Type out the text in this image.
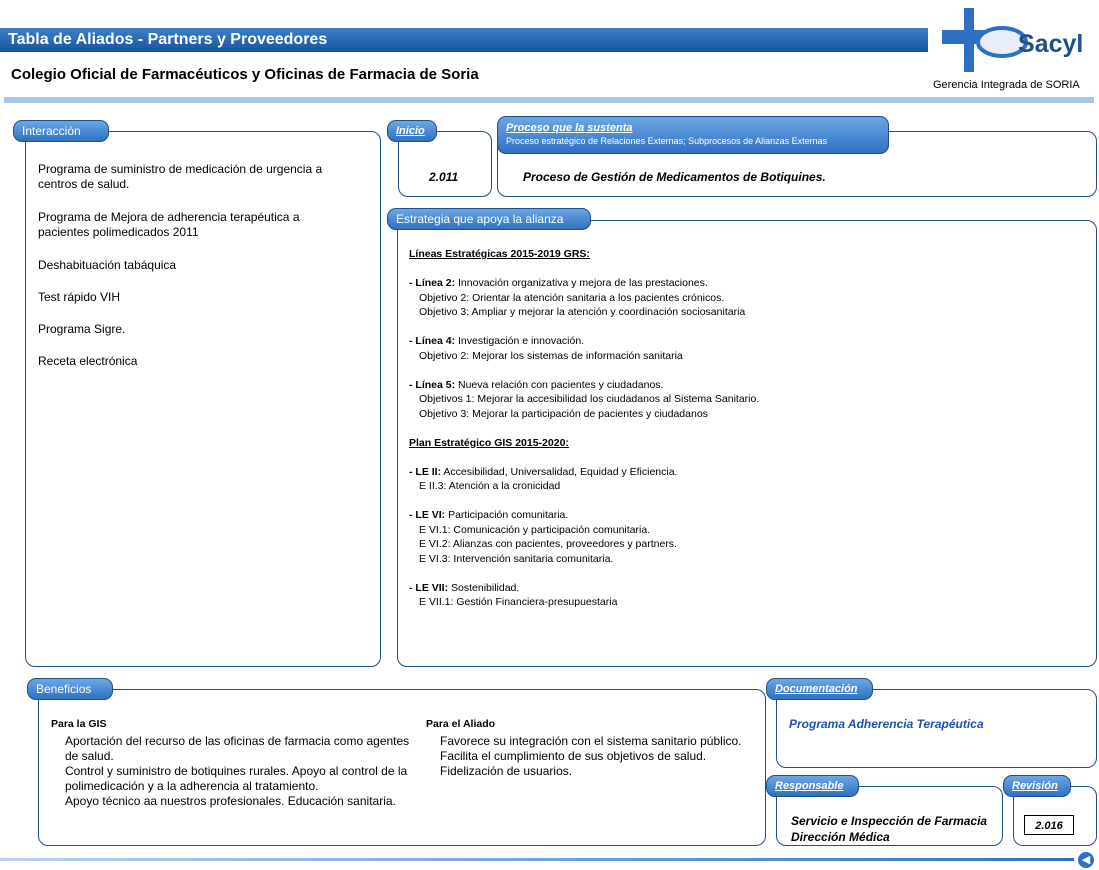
Tabla de Aliados - Partners y Proveedores
Colegio Oficial de Farmacéuticos y Oficinas de Farmacia de Soria
Sacyl
Gerencia Integrada de SORIA
Interacción
Programa de suministro de medicación de urgencia a centros de salud.
Programa de Mejora de adherencia terapéutica a pacientes polimedicados 2011
Deshabituación tabáquica
Test rápido VIH
Programa Sigre.
Receta electrónica
Inicio
2.011
Proceso que la sustenta
Proceso estratégico de Relaciones Externas; Subprocesos de Alianzas Externas
Proceso de Gestión de Medicamentos de Botiquines.
Estrategia que apoya la alianza

Líneas Estratégicas 2015-2019 GRS:

- Línea 2: Innovación organizativa y mejora de las prestaciones.

Objetivo 2: Orientar la atención sanitaria a los pacientes crónicos.

Objetivo 3: Ampliar y mejorar la atención y coordinación sociosanitaria

- Línea 4: Investigación e innovación.

Objetivo 2: Mejorar los sistemas de información sanitaria

- Línea 5: Nueva relación con pacientes y ciudadanos.

Objetivos 1: Mejorar la accesibilidad los ciudadanos al Sistema Sanitario.

Objetivo 3: Mejorar la participación de pacientes y ciudadanos

Plan Estratégico GIS 2015-2020:

- LE II: Accesibilidad, Universalidad, Equidad y Eficiencia.

E II.3: Atención a la cronicidad

- LE VI: Participación comunitaria.

E VI.1: Comunicación y participación comunitaria.

E VI.2: Alianzas con pacientes, proveedores y partners.

E VI.3: Intervención sanitaria comunitaria.

- LE VII: Sostenibilidad.

E VII.1: Gestión Financiera-presupuestaria

Beneficios
Para la GIS
Aportación del recurso de las oficinas de farmacia como agentes de salud.
Control y suministro de botiquines rurales. Apoyo al control de la polimedicación y a la adherencia al tratamiento.
Apoyo técnico aa nuestros profesionales. Educación sanitaria.
Para el Aliado
Favorece su integración con el sistema sanitario público.
Facilita el cumplimiento de sus objetivos de salud.
Fidelización de usuarios.
Documentación
Programa Adherencia Terapéutica
Responsable
Servicio e Inspección de Farmacia
Dirección Médica
Revisión
2.016
◀
